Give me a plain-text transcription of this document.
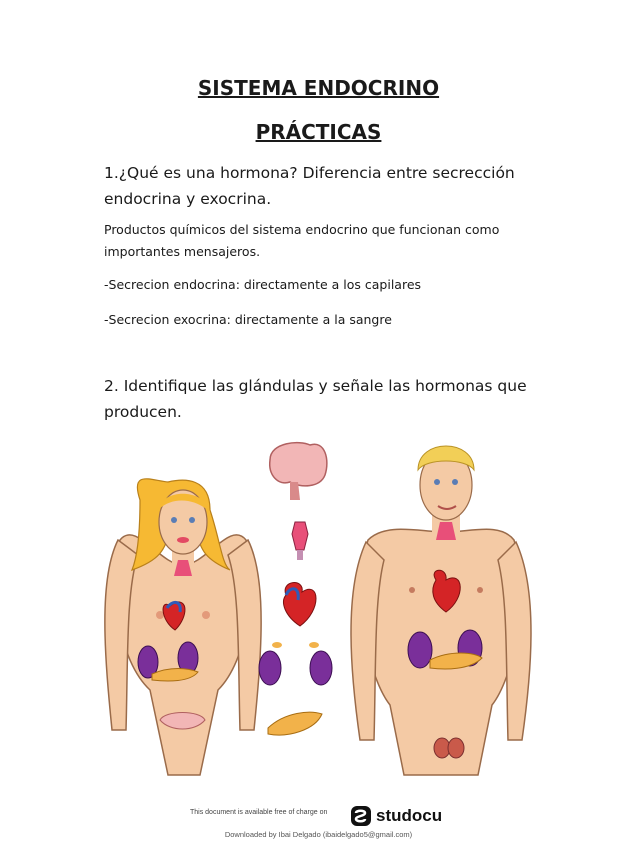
SISTEMA ENDOCRINO
PRÁCTICAS
1.¿Qué es una hormona? Diferencia entre secrección endocrina y exocrina.
Productos químicos del sistema endocrino que funcionan como importantes mensajeros.
-Secrecion endocrina: directamente a los capilares
-Secrecion exocrina: directamente a la sangre
2. Identifique las glándulas y señale las hormonas que producen.
This document is available free of charge on	studocu
Downloaded by Ibai Delgado (ibaidelgado5@gmail.com)
